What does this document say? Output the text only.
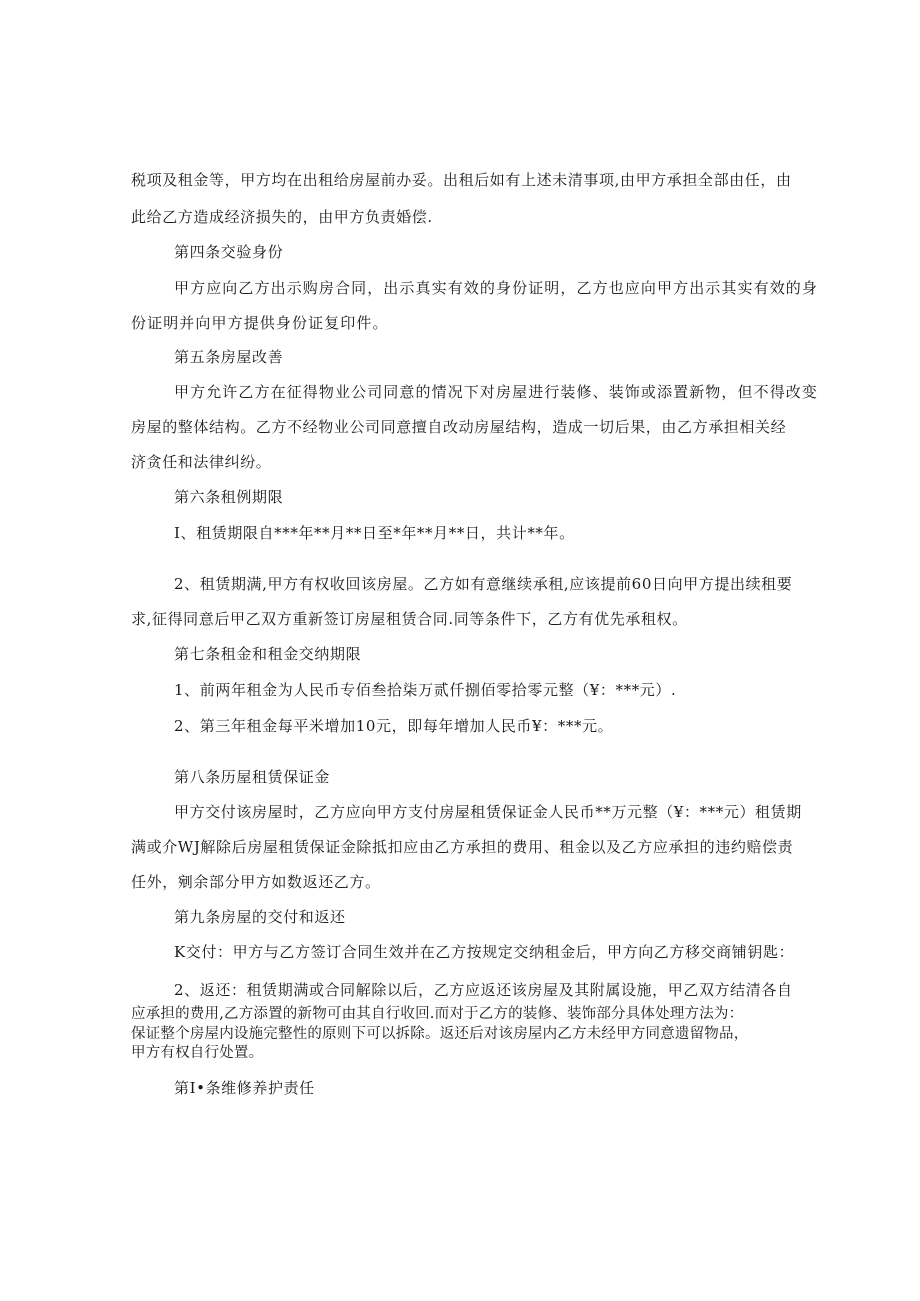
税项及租金等，甲方均在出租给房屋前办妥。出租后如有上述未清事项,由甲方承担全部由任，由
此给乙方造成经济损失的，由甲方负责婚偿.
第四条交验身份
甲方应向乙方出示购房合同，出示真实有效的身份证明，乙方也应向甲方出示其实有效的身
份证明并向甲方提供身份证复印件。
第五条房屋改善
甲方允许乙方在征得物业公司同意的情况下对房屋进行装修、装饰或添置新物，但不得改变
房屋的整体结构。乙方不经物业公司同意擅自改动房屋结构，造成一切后果，由乙方承担相关经
济贪任和法律纠纷。
第六条租例期限
I、租赁期限自***年**月**日至*年**月**日，共计**年。
2、租赁期满,甲方有权收回该房屋。乙方如有意继续承租,应该提前60日向甲方提出续租要
求,征得同意后甲乙双方重新签订房屋租赁合同.同等条件下，乙方有优先承租权。
第七条租金和租金交纳期限
1、前两年租金为人民币专佰叁拾柒万贰仟捌佰零拾零元整（¥：***元）.
2、第三年租金每平米增加10元，即每年增加人民币¥：***元。
第八条历屋租赁保证金
甲方交付该房屋时，乙方应向甲方支付房屋租赁保证金人民币**万元整（¥：***元）租赁期
满或介WJ解除后房屋租赁保证金除抵扣应由乙方承担的费用、租金以及乙方应承担的违约赔偿责
任外，剜余部分甲方如数返还乙方。
第九条房屋的交付和返还
K交付：甲方与乙方签订合同生效并在乙方按规定交纳租金后，甲方向乙方移交商铺钥匙：
2、返还：租赁期满或合同解除以后，乙方应返还该房屋及其附属设施，甲乙双方结清各自
应承担的费用,乙方添置的新物可由其自行收回.而对于乙方的装修、装饰部分具体处理方法为：
保证整个房屋内设施完整性的原则下可以拆除。返还后对该房屋内乙方未经甲方同意遗留物品，
甲方有权自行处置。
第I•条维修养护责任
